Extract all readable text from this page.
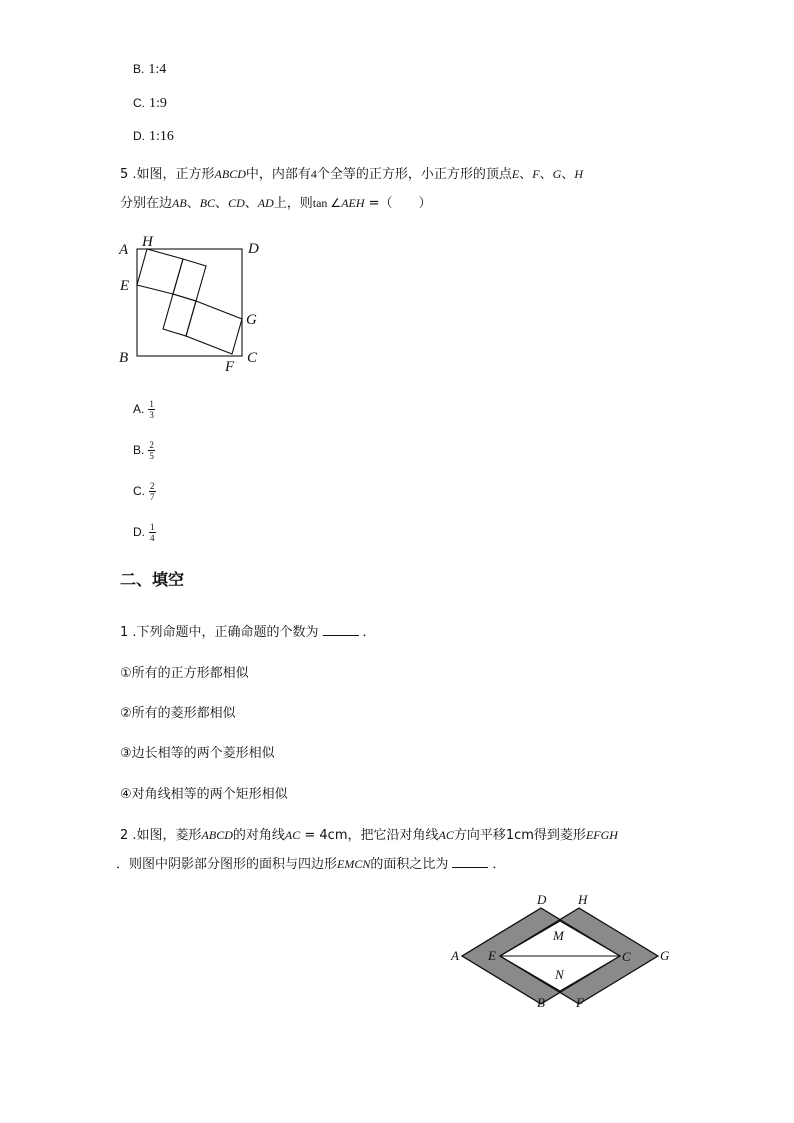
B. 1:4
C. 1:9
D. 1:16
5 .如图，正方形ABCD中，内部有4个全等的正方形，小正方形的顶点E、F、G、H
分别在边AB、BC、CD、AD上，则tan ∠AEH =（　　）
A H	D
E
G
B
F
C
A. $\frac{1}{3}$
B. $\frac{2}{5}$
C. $\frac{2}{7}$
D. $\frac{1}{4}$
二、填空
1 .下列命题中，正确命题的个数为	．
①所有的正方形都相似
②所有的菱形都相似
③边长相等的两个菱形相似
④对角线相等的两个矩形相似
2 .如图，菱形ABCD的对角线AC = 4cm，把它沿对角线AC方向平移1cm得到菱形EFGH
．则图中阴影部分图形的面积与四边形EMCN的面积之比为	．
D H
M
A E	C G
N
B F
